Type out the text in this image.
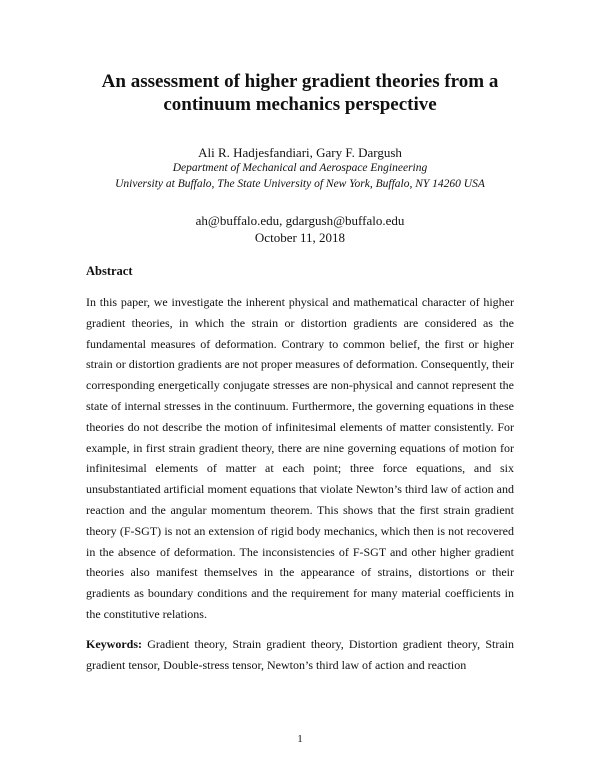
An assessment of higher gradient theories from a
continuum mechanics perspective
Ali R. Hadjesfandiari, Gary F. Dargush
Department of Mechanical and Aerospace Engineering
University at Buffalo, The State University of New York, Buffalo, NY 14260 USA
ah@buffalo.edu, gdargush@buffalo.edu
October 11, 2018
Abstract
In this paper, we investigate the inherent physical and mathematical character of higher
gradient theories, in which the strain or distortion gradients are considered as the
fundamental measures of deformation. Contrary to common belief, the first or higher
strain or distortion gradients are not proper measures of deformation. Consequently, their
corresponding energetically conjugate stresses are non-physical and cannot represent the
state of internal stresses in the continuum. Furthermore, the governing equations in these
theories do not describe the motion of infinitesimal elements of matter consistently. For
example, in first strain gradient theory, there are nine governing equations of motion for
infinitesimal elements of matter at each point; three force equations, and six
unsubstantiated artificial moment equations that violate Newton’s third law of action and
reaction and the angular momentum theorem. This shows that the first strain gradient
theory (F-SGT) is not an extension of rigid body mechanics, which then is not recovered
in the absence of deformation. The inconsistencies of F-SGT and other higher gradient
theories also manifest themselves in the appearance of strains, distortions or their
gradients as boundary conditions and the requirement for many material coefficients in
the constitutive relations.
Keywords: Gradient theory, Strain gradient theory, Distortion gradient theory, Strain
gradient tensor, Double-stress tensor, Newton’s third law of action and reaction
1
